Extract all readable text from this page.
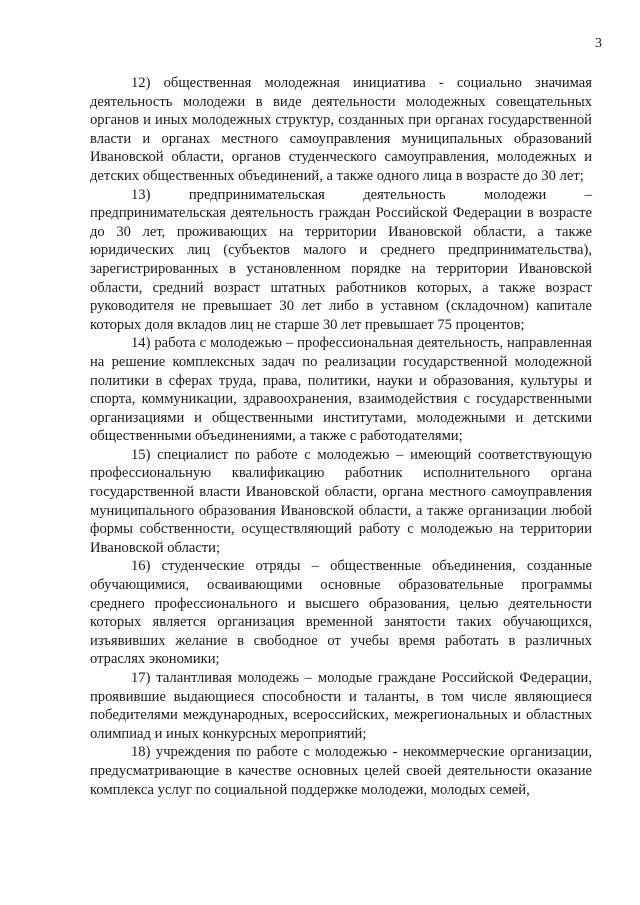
3

12) общественная молодежная инициатива - социально значимая деятельность молодежи в виде деятельности молодежных совещательных органов и иных молодежных структур, созданных при органах государственной власти и органах местного самоуправления муниципальных образований Ивановской области, органов студенческого самоуправления, молодежных и детских общественных объединений, а также одного лица в возрасте до 30 лет;

13) предпринимательская деятельность молодежи – предпринимательская деятельность граждан Российской Федерации в возрасте до 30 лет, проживающих на территории Ивановской области, а также юридических лиц (субъектов малого и среднего предпринимательства), зарегистрированных в установленном порядке на территории Ивановской области, средний возраст штатных работников которых, а также возраст руководителя не превышает 30 лет либо в уставном (складочном) капитале которых доля вкладов лиц не старше 30 лет превышает 75 процентов;

14) работа с молодежью – профессиональная деятельность, направленная на решение комплексных задач по реализации государственной молодежной политики в сферах труда, права, политики, науки и образования, культуры и спорта, коммуникации, здравоохранения, взаимодействия с государственными организациями и общественными институтами, молодежными и детскими общественными объединениями, а также с работодателями;

15) специалист по работе с молодежью – имеющий соответствующую профессиональную квалификацию работник исполнительного органа государственной власти Ивановской области, органа местного самоуправления муниципального образования Ивановской области, а также организации любой формы собственности, осуществляющий работу с молодежью на территории Ивановской области;

16) студенческие отряды – общественные объединения, созданные обучающимися, осваивающими основные образовательные программы среднего профессионального и высшего образования, целью деятельности которых является организация временной занятости таких обучающихся, изъявивших желание в свободное от учебы время работать в различных отраслях экономики;

17) талантливая молодежь – молодые граждане Российской Федерации, проявившие выдающиеся способности и таланты, в том числе являющиеся победителями международных, всероссийских, межрегиональных и областных олимпиад и иных конкурсных мероприятий;

18) учреждения по работе с молодежью - некоммерческие организации, предусматривающие в качестве основных целей своей деятельности оказание комплекса услуг по социальной поддержке молодежи, молодых семей,
